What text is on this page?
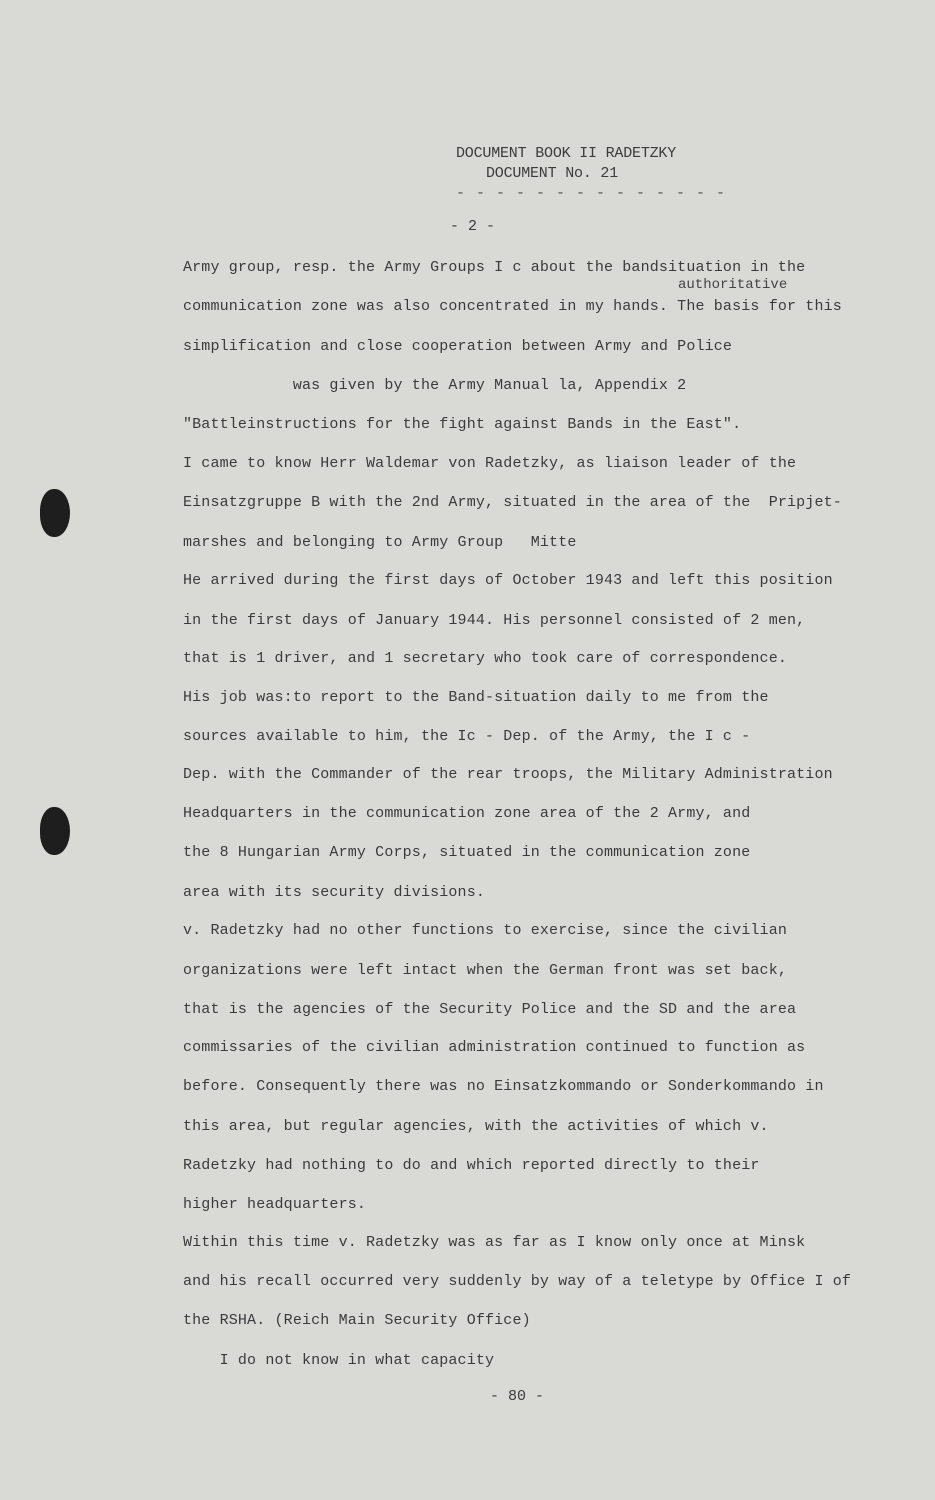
DOCUMENT BOOK II RADETZKY
DOCUMENT No. 21
- - - - - - - - - - - - - -
- 2 -
authoritative
Army group, resp. the Army Groups I c about the bandsituation in the
communication zone was also concentrated in my hands. The basis for this
simplification and close cooperation between Army and Police
was given by the Army Manual la, Appendix 2
"Battleinstructions for the fight against Bands in the East".
I came to know Herr Waldemar von Radetzky, as liaison leader of the
Einsatzgruppe B with the 2nd Army, situated in the area of the  Pripjet-
marshes and belonging to Army Group   Mitte
He arrived during the first days of October 1943 and left this position
in the first days of January 1944. His personnel consisted of 2 men,
that is 1 driver, and 1 secretary who took care of correspondence.
His job was:to report to the Band-situation daily to me from the
sources available to him, the Ic - Dep. of the Army, the I c -
Dep. with the Commander of the rear troops, the Military Administration
Headquarters in the communication zone area of the 2 Army, and
the 8 Hungarian Army Corps, situated in the communication zone
area with its security divisions.
v. Radetzky had no other functions to exercise, since the civilian
organizations were left intact when the German front was set back,
that is the agencies of the Security Police and the SD and the area
commissaries of the civilian administration continued to function as
before. Consequently there was no Einsatzkommando or Sonderkommando in
this area, but regular agencies, with the activities of which v.
Radetzky had nothing to do and which reported directly to their
higher headquarters.
Within this time v. Radetzky was as far as I know only once at Minsk
and his recall occurred very suddenly by way of a teletype by Office I of
the RSHA. (Reich Main Security Office)
I do not know in what capacity
- 80 -
